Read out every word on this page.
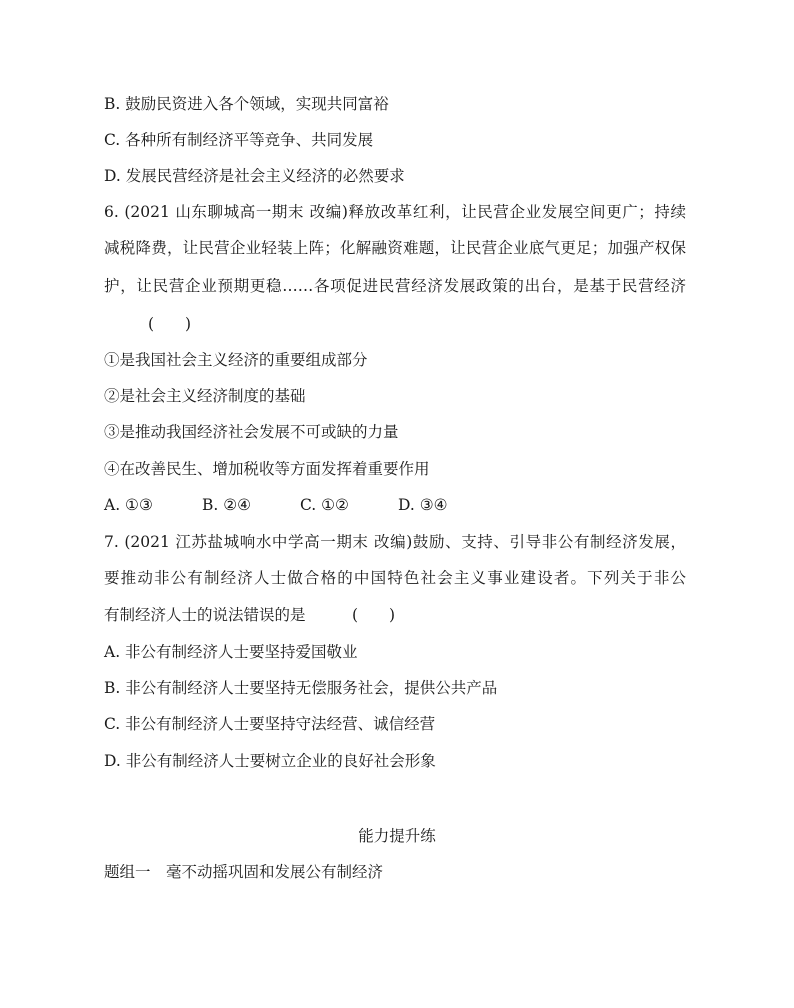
B. 鼓励民资进入各个领域，实现共同富裕
C. 各种所有制经济平等竞争、共同发展
D. 发展民营经济是社会主义经济的必然要求
6. (2021 山东聊城高一期末 改编)释放改革红利，让民营企业发展空间更广；持续
减税降费，让民营企业轻装上阵；化解融资难题，让民营企业底气更足；加强产权保
护，让民营企业预期更稳……各项促进民营经济发展政策的出台，是基于民营经济
(　　)
①是我国社会主义经济的重要组成部分
②是社会主义经济制度的基础
③是推动我国经济社会发展不可或缺的力量
④在改善民生、增加税收等方面发挥着重要作用
A. ①③	B. ②④	C. ①②	D. ③④
7. (2021 江苏盐城响水中学高一期末 改编)鼓励、支持、引导非公有制经济发展，
要推动非公有制经济人士做合格的中国特色社会主义事业建设者。下列关于非公
有制经济人士的说法错误的是　　　(　　)
A. 非公有制经济人士要坚持爱国敬业
B. 非公有制经济人士要坚持无偿服务社会，提供公共产品
C. 非公有制经济人士要坚持守法经营、诚信经营
D. 非公有制经济人士要树立企业的良好社会形象
能力提升练
题组一　毫不动摇巩固和发展公有制经济
